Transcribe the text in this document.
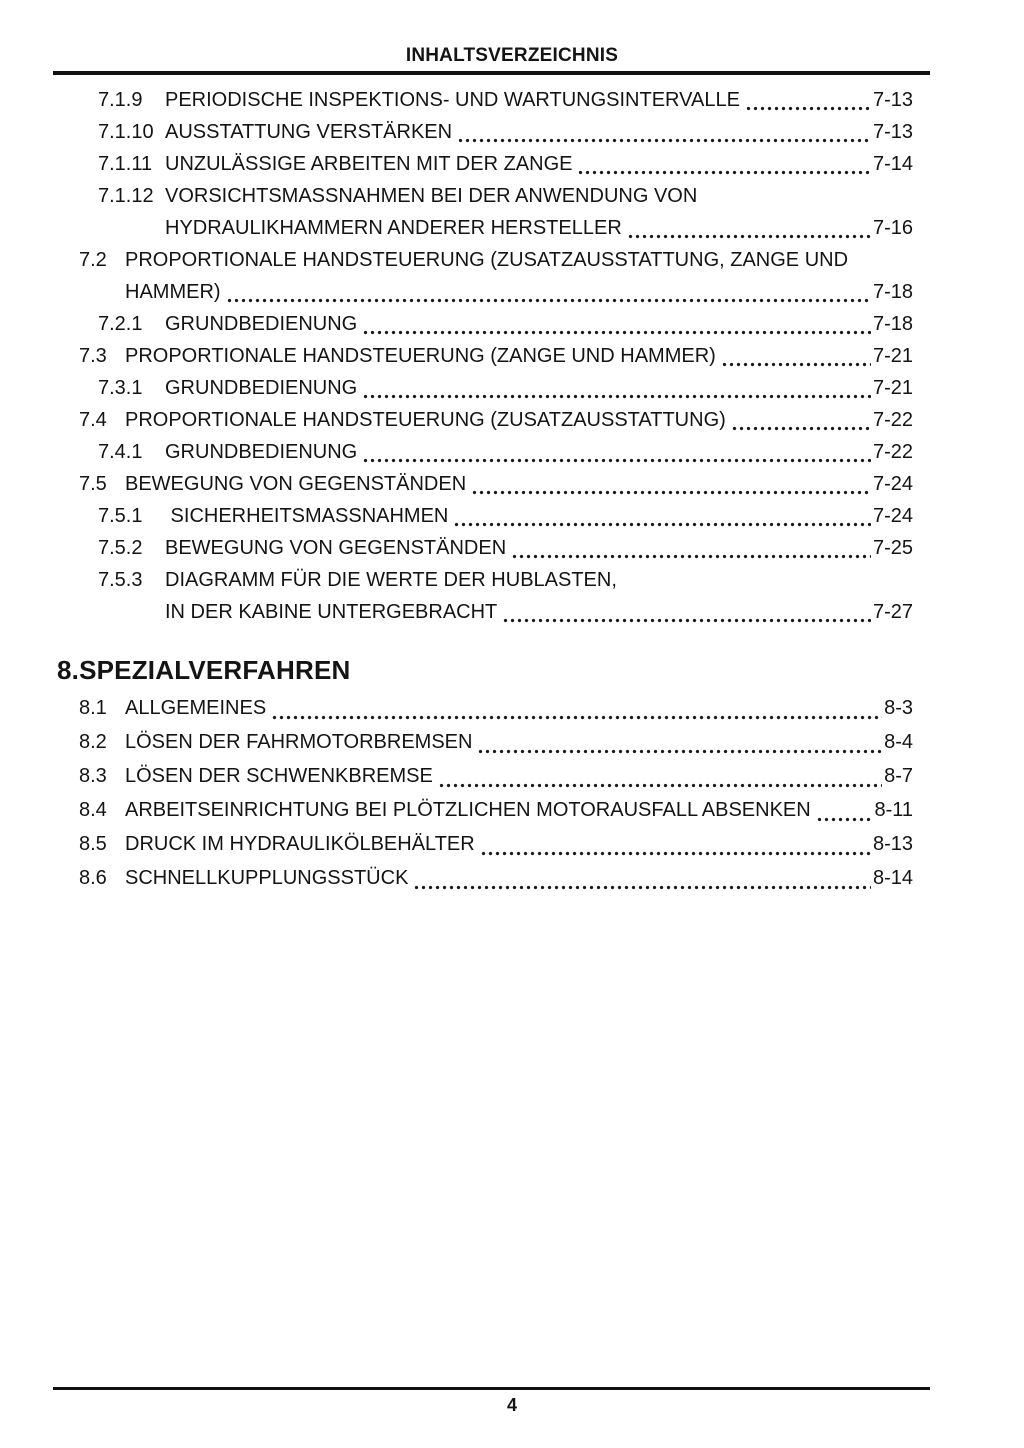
INHALTSVERZEICHNIS
7.1.9	PERIODISCHE INSPEKTIONS- UND WARTUNGSINTERVALLE	7-13
7.1.10 AUSSTATTUNG VERSTÄRKEN	7-13
7.1.11 UNZULÄSSIGE ARBEITEN MIT DER ZANGE	7-14
7.1.12 VORSICHTSMASSNAHMEN BEI DER ANWENDUNG VON
HYDRAULIKHAMMERN ANDERER HERSTELLER	7-16
7.2 PROPORTIONALE HANDSTEUERUNG (ZUSATZAUSSTATTUNG, ZANGE UND
HAMMER)	7-18
7.2.1	GRUNDBEDIENUNG	7-18
7.3 PROPORTIONALE HANDSTEUERUNG (ZANGE UND HAMMER)	7-21
7.3.1	GRUNDBEDIENUNG	7-21
7.4 PROPORTIONALE HANDSTEUERUNG (ZUSATZAUSSTATTUNG)	7-22
7.4.1	GRUNDBEDIENUNG	7-22
7.5 BEWEGUNG VON GEGENSTÄNDEN	7-24
7.5.1	SICHERHEITSMASSNAHMEN	7-24
7.5.2	BEWEGUNG VON GEGENSTÄNDEN	7-25
7.5.3	DIAGRAMM FÜR DIE WERTE DER HUBLASTEN,
IN DER KABINE UNTERGEBRACHT	7-27
8.SPEZIALVERFAHREN
8.1 ALLGEMEINES	8-3
8.2 LÖSEN DER FAHRMOTORBREMSEN	8-4
8.3 LÖSEN DER SCHWENKBREMSE	8-7
8.4 ARBEITSEINRICHTUNG BEI PLÖTZLICHEN MOTORAUSFALL ABSENKEN	8-11
8.5 DRUCK IM HYDRAULIKÖLBEHÄLTER	8-13
8.6 SCHNELLKUPPLUNGSSTÜCK	8-14
4
